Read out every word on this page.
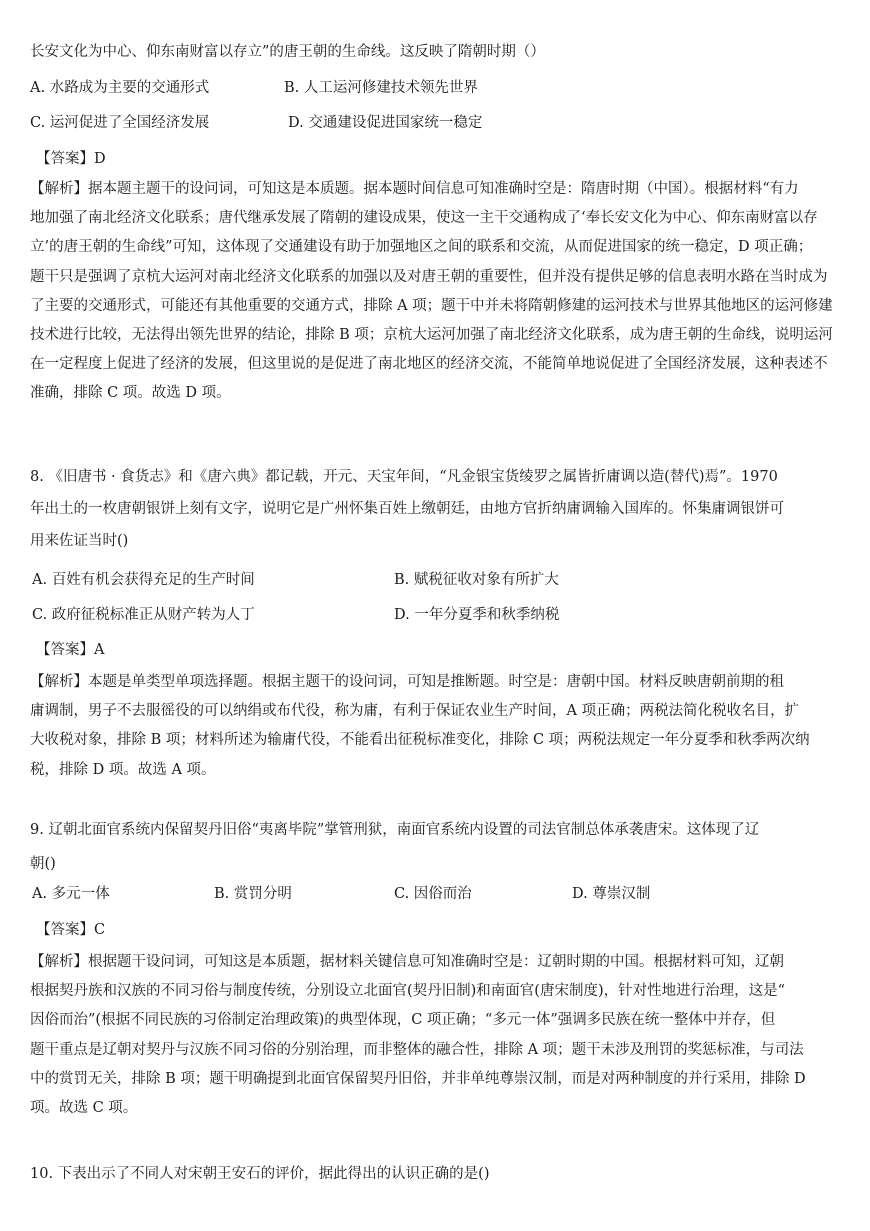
长安文化为中心、仰东南财富以存立”的唐王朝的生命线。这反映了隋朝时期（）
A. 水路成为主要的交通形式	B. 人工运河修建技术领先世界
C. 运河促进了全国经济发展	D. 交通建设促进国家统一稳定
【答案】D
【解析】据本题主题干的设问词，可知这是本质题。据本题时间信息可知准确时空是：隋唐时期（中国）。根据材料“有力
地加强了南北经济文化联系；唐代继承发展了隋朝的建设成果，使这一主干交通构成了‘奉长安文化为中心、仰东南财富以存
立’的唐王朝的生命线”可知，这体现了交通建设有助于加强地区之间的联系和交流，从而促进国家的统一稳定，D 项正确；
题干只是强调了京杭大运河对南北经济文化联系的加强以及对唐王朝的重要性，但并没有提供足够的信息表明水路在当时成为
了主要的交通形式，可能还有其他重要的交通方式，排除 A 项；题干中并未将隋朝修建的运河技术与世界其他地区的运河修建
技术进行比较，无法得出领先世界的结论，排除 B 项；京杭大运河加强了南北经济文化联系，成为唐王朝的生命线，说明运河
在一定程度上促进了经济的发展，但这里说的是促进了南北地区的经济交流，不能简单地说促进了全国经济发展，这种表述不
准确，排除 C 项。故选 D 项。
8. 《旧唐书 · 食货志》和《唐六典》都记载，开元、天宝年间，“凡金银宝货绫罗之属皆折庸调以造(替代)焉”。1970
年出土的一枚唐朝银饼上刻有文字，说明它是广州怀集百姓上缴朝廷，由地方官折纳庸调输入国库的。怀集庸调银饼可
用来佐证当时()
A. 百姓有机会获得充足的生产时间	B. 赋税征收对象有所扩大
C. 政府征税标准正从财产转为人丁	D. 一年分夏季和秋季纳税
【答案】A
【解析】本题是单类型单项选择题。根据主题干的设问词，可知是推断题。时空是：唐朝中国。材料反映唐朝前期的租
庸调制，男子不去服徭役的可以纳绢或布代役，称为庸，有利于保证农业生产时间，A 项正确；两税法简化税收名目，扩
大收税对象，排除 B 项；材料所述为输庸代役，不能看出征税标准变化，排除 C 项；两税法规定一年分夏季和秋季两次纳
税，排除 D 项。故选 A 项。
9. 辽朝北面官系统内保留契丹旧俗“夷离毕院”掌管刑狱，南面官系统内设置的司法官制总体承袭唐宋。这体现了辽
朝()
A. 多元一体	B. 赏罚分明	C. 因俗而治	D. 尊崇汉制
【答案】C
【解析】根据题干设问词，可知这是本质题，据材料关键信息可知准确时空是：辽朝时期的中国。根据材料可知，辽朝
根据契丹族和汉族的不同习俗与制度传统，分别设立北面官(契丹旧制)和南面官(唐宋制度)，针对性地进行治理，这是“
因俗而治”(根据不同民族的习俗制定治理政策)的典型体现，C 项正确；“多元一体”强调多民族在统一整体中并存，但
题干重点是辽朝对契丹与汉族不同习俗的分别治理，而非整体的融合性，排除 A 项；题干未涉及刑罚的奖惩标准，与司法
中的赏罚无关，排除 B 项；题干明确提到北面官保留契丹旧俗，并非单纯尊崇汉制，而是对两种制度的并行采用，排除 D
项。故选 C 项。
10. 下表出示了不同人对宋朝王安石的评价，据此得出的认识正确的是()
